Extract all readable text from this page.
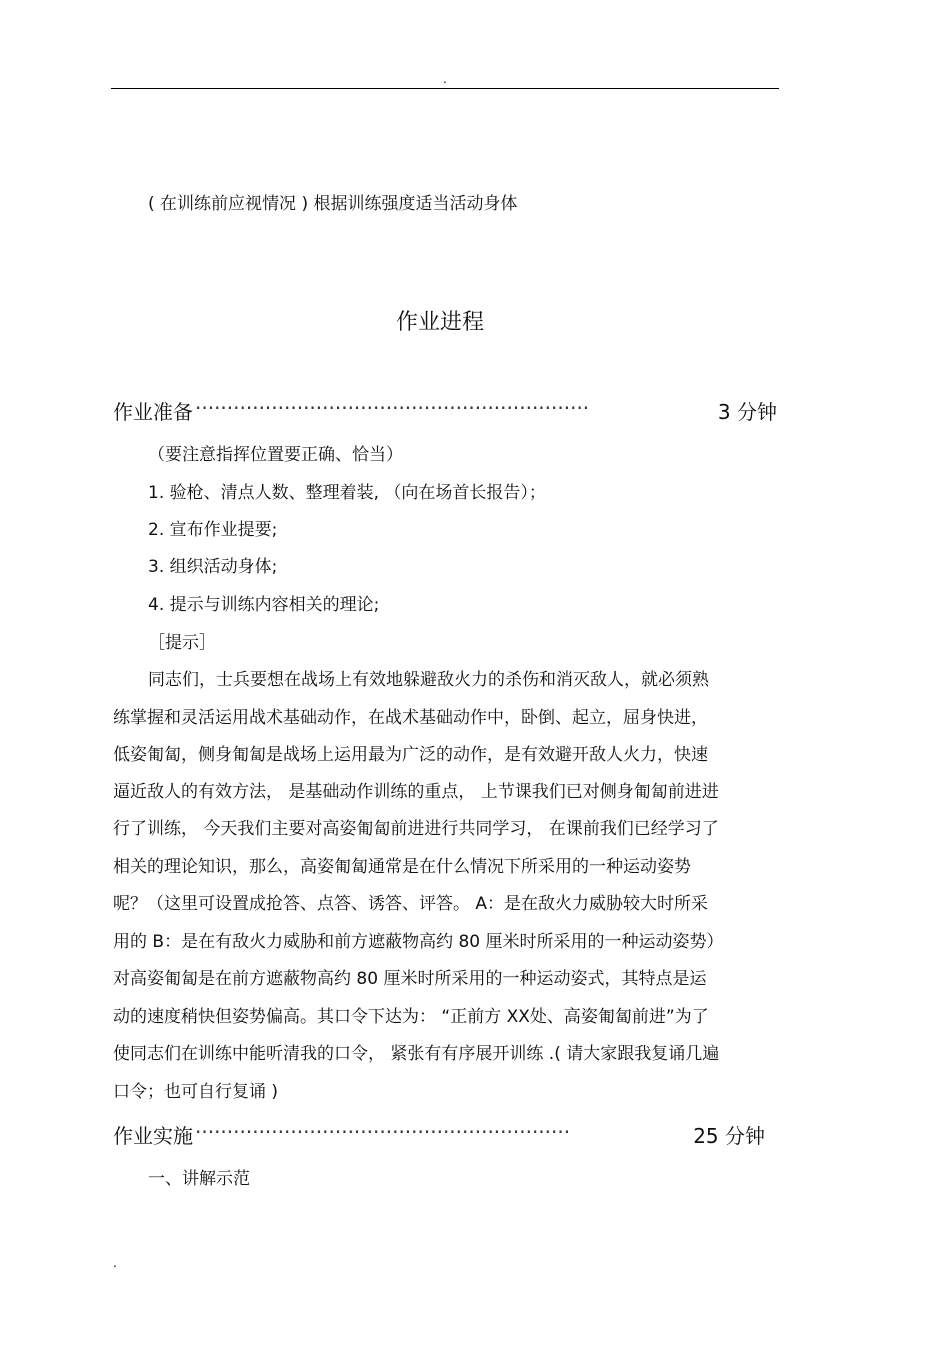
.
( 在训练前应视情况 ) 根据训练强度适当活动身体
作业进程
作业准备 ······························································	3 分钟
（要注意指挥位置要正确、恰当）
1. 验枪、清点人数、整理着装, （向在场首长报告）；
2. 宣布作业提要;
3. 组织活动身体;
4. 提示与训练内容相关的理论;
［提示］
同志们，士兵要想在战场上有效地躲避敌火力的杀伤和消灭敌人，就必须熟
练掌握和灵活运用战术基础动作，在战术基础动作中，卧倒、起立，屈身快进，
低姿匍匐，侧身匍匐是战场上运用最为广泛的动作，是有效避开敌人火力，快速
逼近敌人的有效方法， 是基础动作训练的重点， 上节课我们已对侧身匍匐前进进
行了训练， 今天我们主要对高姿匍匐前进进行共同学习， 在课前我们已经学习了
相关的理论知识，那么，高姿匍匐通常是在什么情况下所采用的一种运动姿势
呢？（这里可设置成抢答、点答、诱答、评答。 A：是在敌火力威胁较大时所采
用的 B：是在有敌火力威胁和前方遮蔽物高约 80 厘米时所采用的一种运动姿势）
对高姿匍匐是在前方遮蔽物高约 80 厘米时所采用的一种运动姿式，其特点是运
动的速度稍快但姿势偏高。其口令下达为： “正前方 XX处、高姿匍匐前进”为了
使同志们在训练中能听清我的口令， 紧张有有序展开训练 .( 请大家跟我复诵几遍
口令；也可自行复诵 )
作业实施 ···························································	25 分钟
一、讲解示范
.
